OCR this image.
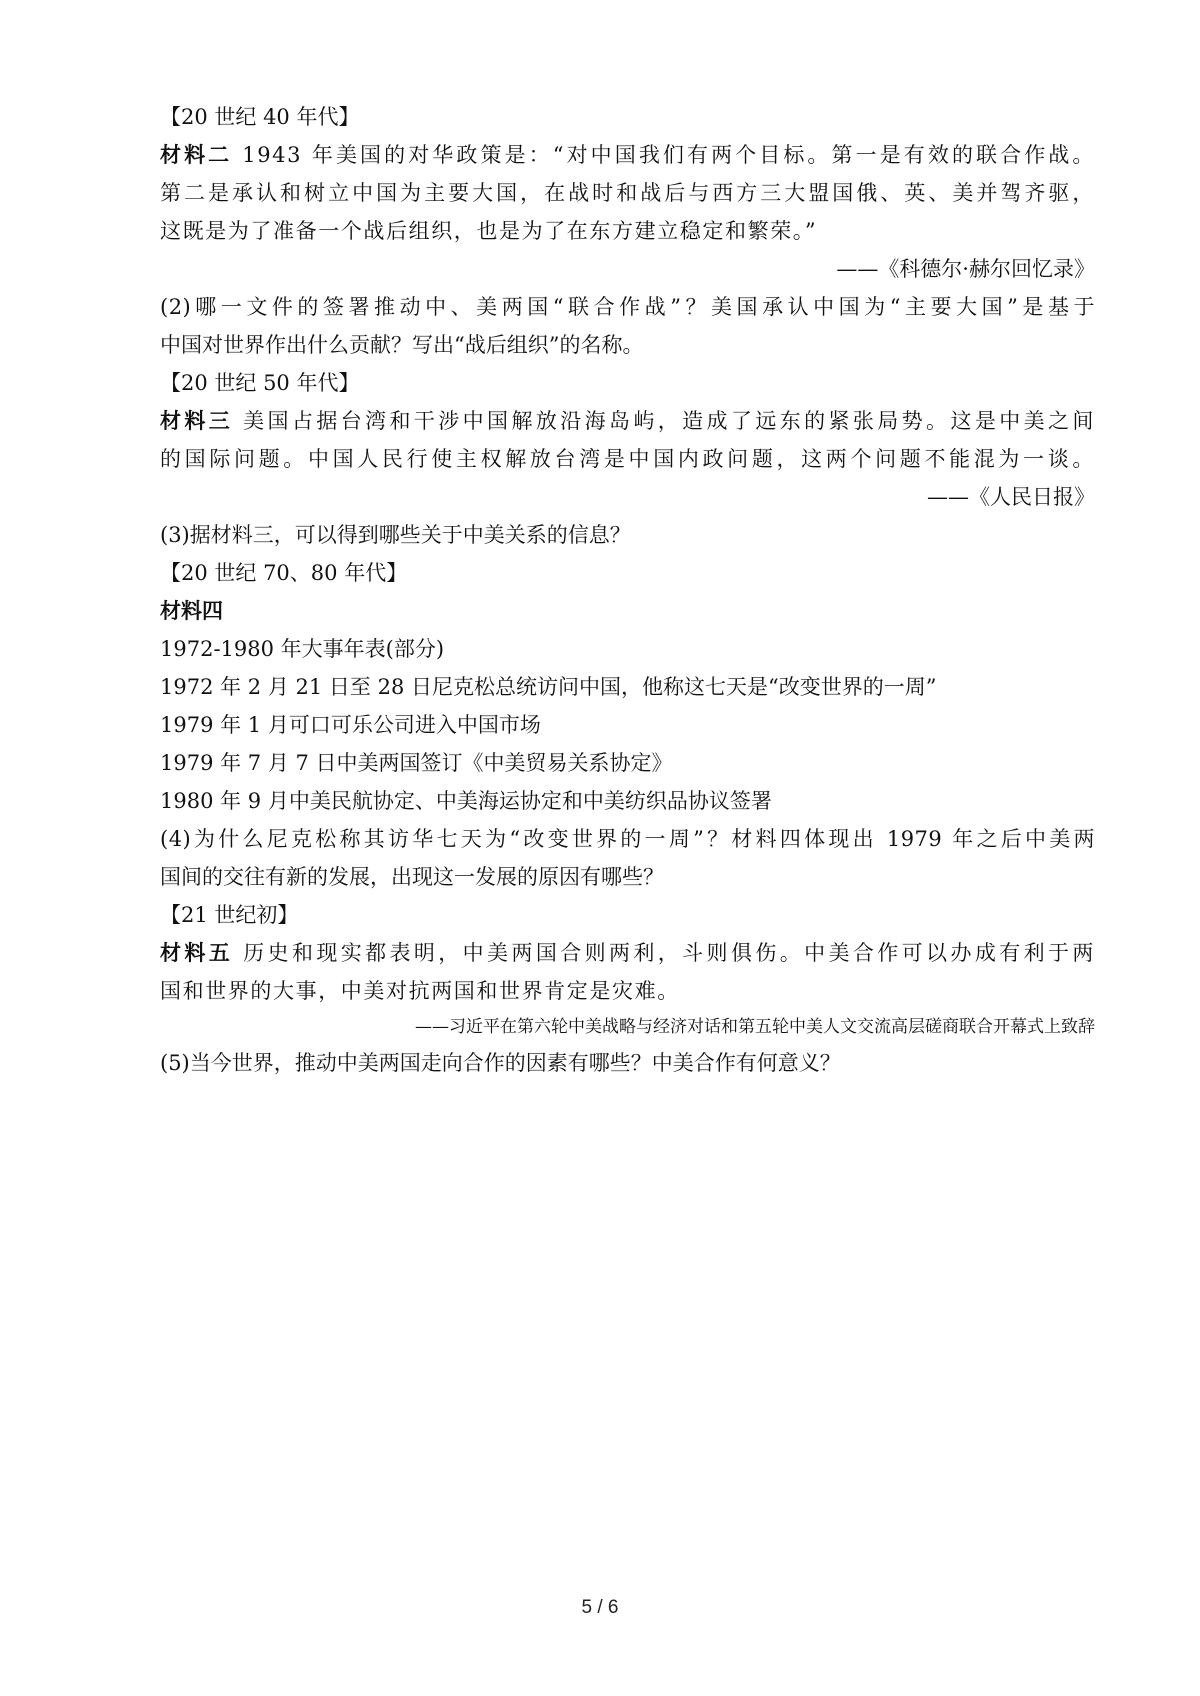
【20 世纪 40 年代】

材料二 1943 年美国的对华政策是：“对中国我们有两个目标。第一是有效的联合作战。

第二是承认和树立中国为主要大国，在战时和战后与西方三大盟国俄、英、美并驾齐驱，

这既是为了准备一个战后组织，也是为了在东方建立稳定和繁荣。”

——《科德尔·赫尔回忆录》

(2)哪一文件的签署推动中、美两国“联合作战”？美国承认中国为“主要大国”是基于

中国对世界作出什么贡献？写出“战后组织”的名称。

【20 世纪 50 年代】

材料三 美国占据台湾和干涉中国解放沿海岛屿，造成了远东的紧张局势。这是中美之间

的国际问题。中国人民行使主权解放台湾是中国内政问题，这两个问题不能混为一谈。

——《人民日报》

(3)据材料三，可以得到哪些关于中美关系的信息？

【20 世纪 70、80 年代】

材料四

1972-1980 年大事年表(部分)

1972 年 2 月 21 日至 28 日尼克松总统访问中国，他称这七天是“改变世界的一周”

1979 年 1 月可口可乐公司进入中国市场

1979 年 7 月 7 日中美两国签订《中美贸易关系协定》

1980 年 9 月中美民航协定、中美海运协定和中美纺织品协议签署

(4)为什么尼克松称其访华七天为“改变世界的一周”？材料四体现出 1979 年之后中美两

国间的交往有新的发展，出现这一发展的原因有哪些？

【21 世纪初】

材料五 历史和现实都表明，中美两国合则两利，斗则俱伤。中美合作可以办成有利于两

国和世界的大事，中美对抗两国和世界肯定是灾难。

——习近平在第六轮中美战略与经济对话和第五轮中美人文交流高层磋商联合开幕式上致辞

(5)当今世界，推动中美两国走向合作的因素有哪些？中美合作有何意义？

5 / 6
